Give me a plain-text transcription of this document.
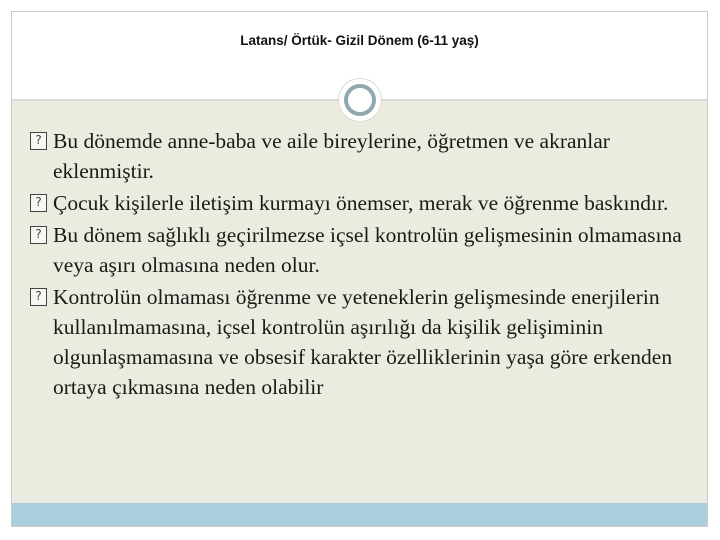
Latans/ Örtük- Gizil Dönem (6-11 yaş)
? Bu dönemde anne-baba ve aile bireylerine, öğretmen ve akranlar eklenmiştir.
? Çocuk kişilerle iletişim kurmayı önemser, merak ve öğrenme baskındır.
? Bu dönem sağlıklı geçirilmezse içsel kontrolün gelişmesinin olmamasına veya aşırı olmasına neden olur.
? Kontrolün olmaması öğrenme ve yeteneklerin gelişmesinde enerjilerin kullanılmamasına, içsel kontrolün aşırılığı da kişilik gelişiminin olgunlaşmamasına ve obsesif karakter özelliklerinin yaşa göre erkenden ortaya çıkmasına neden olabilir
